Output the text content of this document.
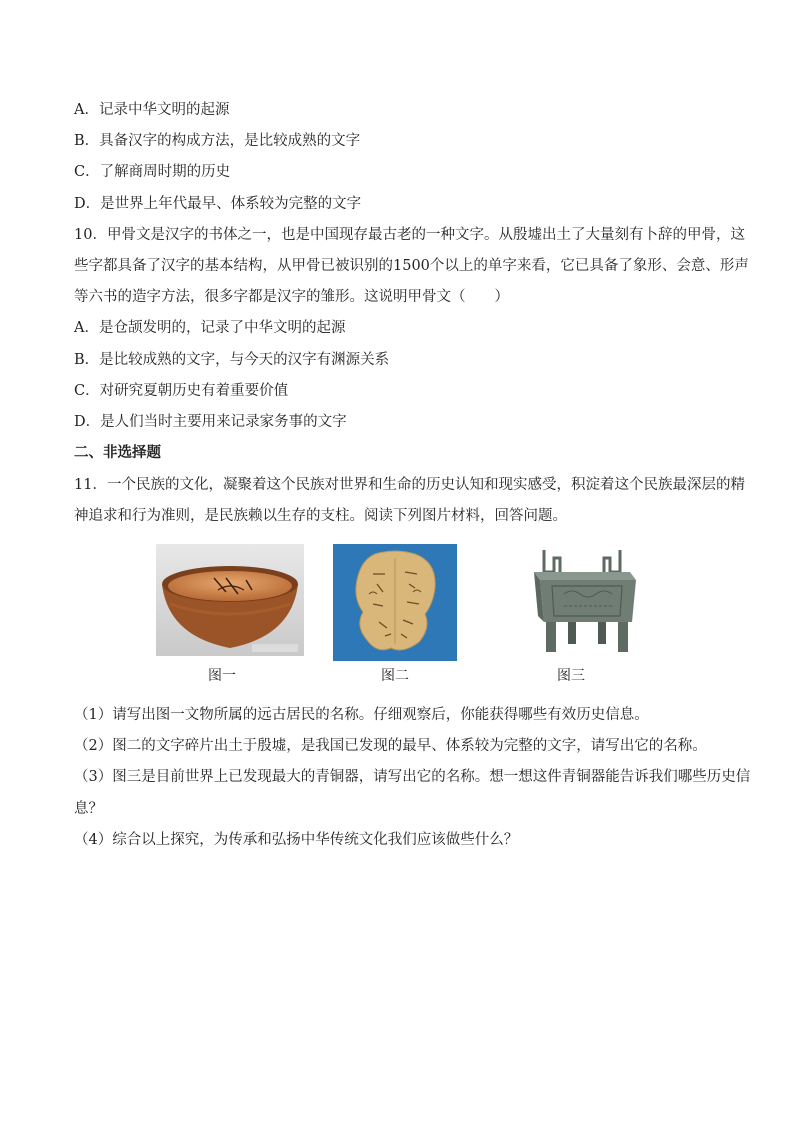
A．记录中华文明的起源
B．具备汉字的构成方法，是比较成熟的文字
C．了解商周时期的历史
D．是世界上年代最早、体系较为完整的文字
10．甲骨文是汉字的书体之一，也是中国现存最古老的一种文字。从殷墟出土了大量刻有卜辞的甲骨，这
些字都具备了汉字的基本结构，从甲骨已被识别的1500个以上的单字来看，它已具备了象形、会意、形声
等六书的造字方法，很多字都是汉字的雏形。这说明甲骨文（　　）
A．是仓颉发明的，记录了中华文明的起源
B．是比较成熟的文字，与今天的汉字有渊源关系
C．对研究夏朝历史有着重要价值
D．是人们当时主要用来记录家务事的文字
二、非选择题
11．一个民族的文化，凝聚着这个民族对世界和生命的历史认知和现实感受，积淀着这个民族最深层的精
神追求和行为准则，是民族赖以生存的支柱。阅读下列图片材料，回答问题。
图一	图二	图三
（1）请写出图一文物所属的远古居民的名称。仔细观察后，你能获得哪些有效历史信息。
（2）图二的文字碎片出土于殷墟，是我国已发现的最早、体系较为完整的文字，请写出它的名称。
（3）图三是目前世界上已发现最大的青铜器，请写出它的名称。想一想这件青铜器能告诉我们哪些历史信
息？
（4）综合以上探究，为传承和弘扬中华传统文化我们应该做些什么？
